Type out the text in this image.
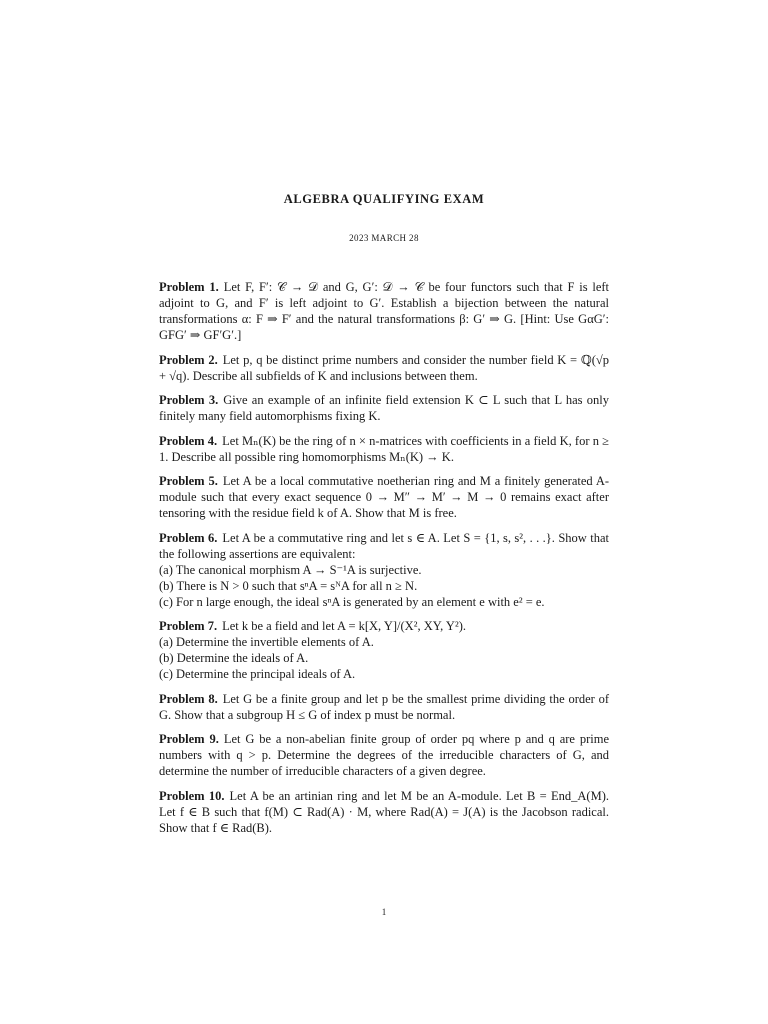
ALGEBRA QUALIFYING EXAM
2023 MARCH 28
Problem 1. Let F, F′: 𝒞 → 𝒟 and G, G′: 𝒟 → 𝒞 be four functors such that F is left adjoint to G, and F′ is left adjoint to G′. Establish a bijection between the natural transformations α: F ⇒ F′ and the natural transformations β: G′ ⇒ G. [Hint: Use GαG′: GFG′ ⇒ GF′G′.]
Problem 2. Let p, q be distinct prime numbers and consider the number field K = ℚ(√p + √q). Describe all subfields of K and inclusions between them.
Problem 3. Give an example of an infinite field extension K ⊂ L such that L has only finitely many field automorphisms fixing K.
Problem 4. Let Mₙ(K) be the ring of n × n-matrices with coefficients in a field K, for n ≥ 1. Describe all possible ring homomorphisms Mₙ(K) → K.
Problem 5. Let A be a local commutative noetherian ring and M a finitely generated A-module such that every exact sequence 0 → M″ → M′ → M → 0 remains exact after tensoring with the residue field k of A. Show that M is free.
Problem 6. Let A be a commutative ring and let s ∈ A. Let S = {1, s, s², . . .}. Show that the following assertions are equivalent:
(a) The canonical morphism A → S⁻¹A is surjective.
(b) There is N > 0 such that sⁿA = sᴺA for all n ≥ N.
(c) For n large enough, the ideal sⁿA is generated by an element e with e² = e.
Problem 7. Let k be a field and let A = k[X, Y]/(X², XY, Y²).
(a) Determine the invertible elements of A.
(b) Determine the ideals of A.
(c) Determine the principal ideals of A.
Problem 8. Let G be a finite group and let p be the smallest prime dividing the order of G. Show that a subgroup H ≤ G of index p must be normal.
Problem 9. Let G be a non-abelian finite group of order pq where p and q are prime numbers with q > p. Determine the degrees of the irreducible characters of G, and determine the number of irreducible characters of a given degree.
Problem 10. Let A be an artinian ring and let M be an A-module. Let B = End_A(M). Let f ∈ B such that f(M) ⊂ Rad(A) · M, where Rad(A) = J(A) is the Jacobson radical. Show that f ∈ Rad(B).
1
